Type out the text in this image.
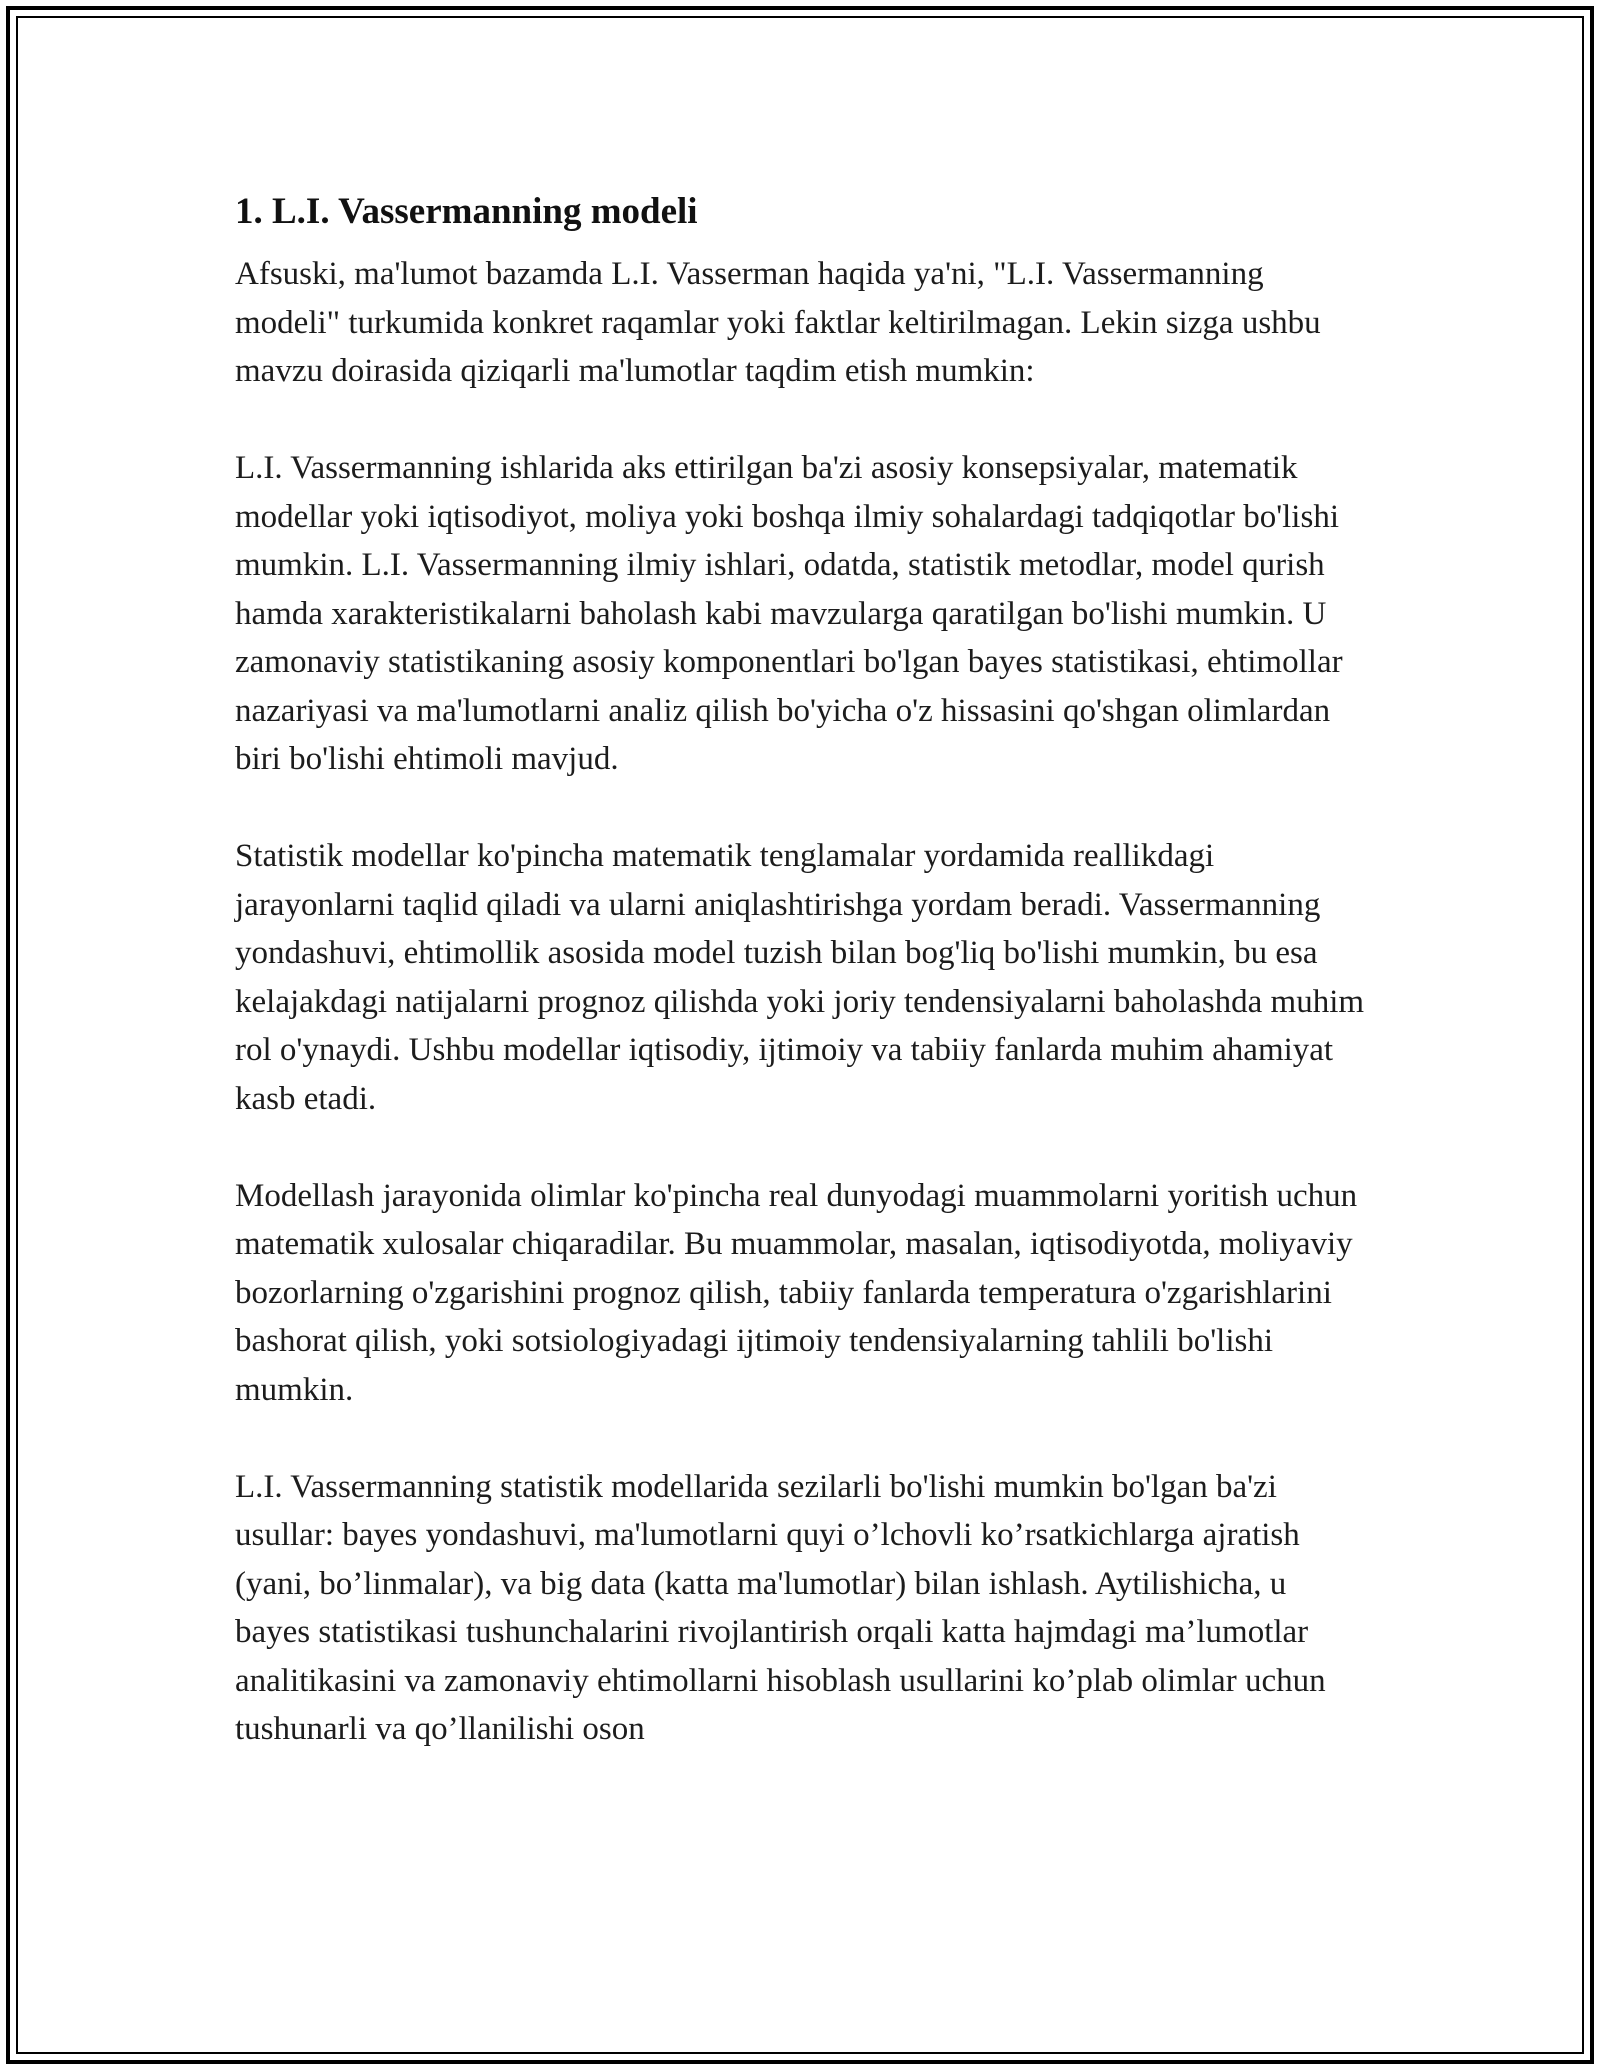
1. L.I. Vassermanning modeli

Afsuski, ma'lumot bazamda L.I. Vasserman haqida ya'ni, "L.I. Vassermanning modeli" turkumida konkret raqamlar yoki faktlar keltirilmagan. Lekin sizga ushbu mavzu doirasida qiziqarli ma'lumotlar taqdim etish mumkin:

L.I. Vassermanning ishlarida aks ettirilgan ba'zi asosiy konsepsiyalar, matematik modellar yoki iqtisodiyot, moliya yoki boshqa ilmiy sohalardagi tadqiqotlar bo'lishi mumkin. L.I. Vassermanning ilmiy ishlari, odatda, statistik metodlar, model qurish hamda xarakteristikalarni baholash kabi mavzularga qaratilgan bo'lishi mumkin. U zamonaviy statistikaning asosiy komponentlari bo'lgan bayes statistikasi, ehtimollar nazariyasi va ma'lumotlarni analiz qilish bo'yicha o'z hissasini qo'shgan olimlardan biri bo'lishi ehtimoli mavjud.

Statistik modellar ko'pincha matematik tenglamalar yordamida reallikdagi jarayonlarni taqlid qiladi va ularni aniqlashtirishga yordam beradi. Vassermanning yondashuvi, ehtimollik asosida model tuzish bilan bog'liq bo'lishi mumkin, bu esa kelajakdagi natijalarni prognoz qilishda yoki joriy tendensiyalarni baholashda muhim rol o'ynaydi. Ushbu modellar iqtisodiy, ijtimoiy va tabiiy fanlarda muhim ahamiyat kasb etadi.

Modellash jarayonida olimlar ko'pincha real dunyodagi muammolarni yoritish uchun matematik xulosalar chiqaradilar. Bu muammolar, masalan, iqtisodiyotda, moliyaviy bozorlarning o'zgarishini prognoz qilish, tabiiy fanlarda temperatura o'zgarishlarini bashorat qilish, yoki sotsiologiyadagi ijtimoiy tendensiyalarning tahlili bo'lishi mumkin.

L.I. Vassermanning statistik modellarida sezilarli bo'lishi mumkin bo'lgan ba'zi usullar: bayes yondashuvi, ma'lumotlarni quyi o’lchovli ko’rsatkichlarga ajratish (yani, bo’linmalar), va big data (katta ma'lumotlar) bilan ishlash. Aytilishicha, u bayes statistikasi tushunchalarini rivojlantirish orqali katta hajmdagi ma’lumotlar analitikasini va zamonaviy ehtimollarni hisoblash usullarini ko’plab olimlar uchun tushunarli va qo’llanilishi oson
